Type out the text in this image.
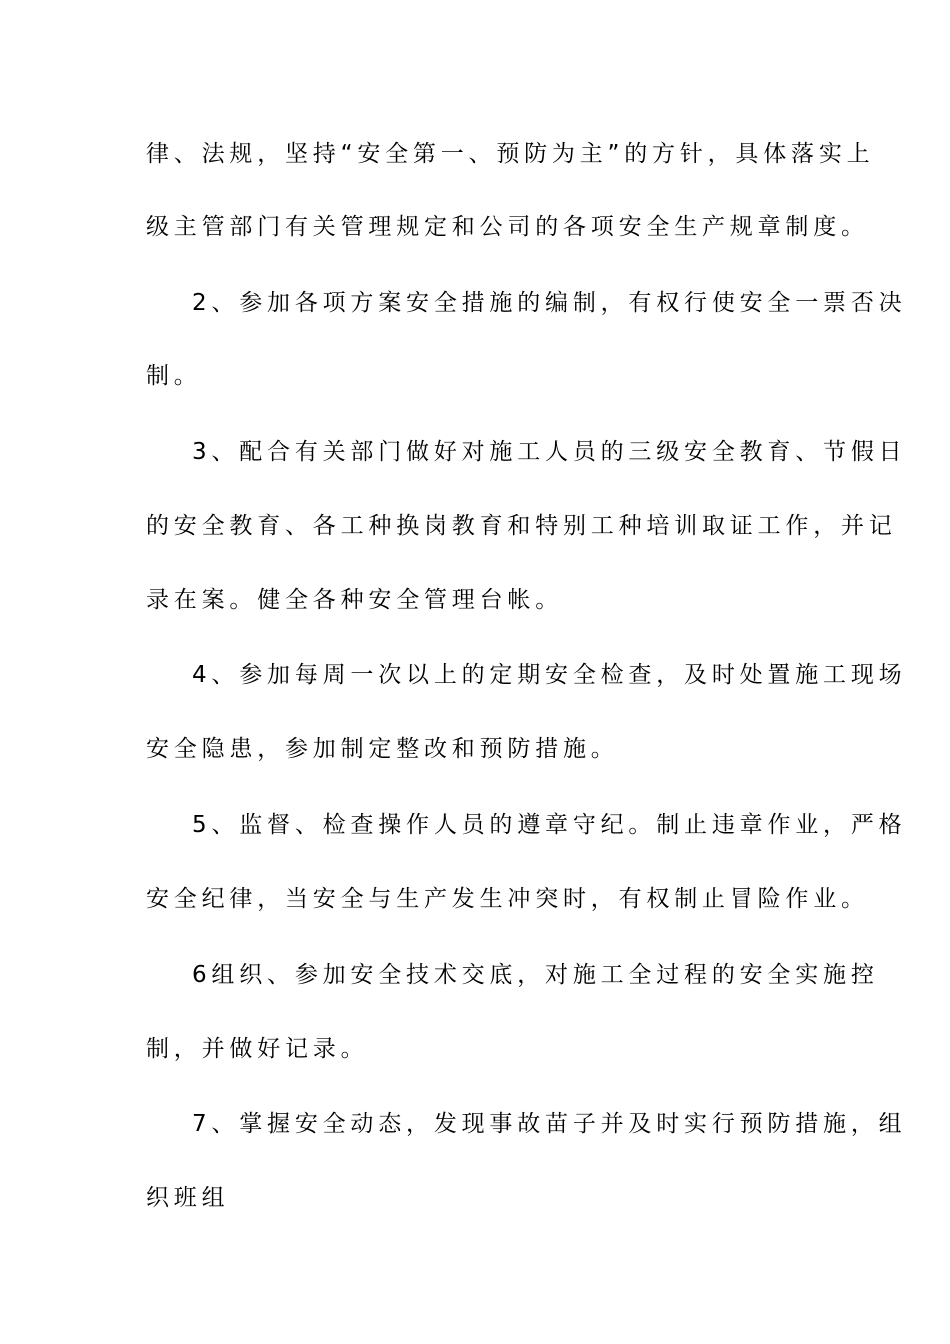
律、法规，坚持“安全第一、预防为主”的方针，具体落实上
级主管部门有关管理规定和公司的各项安全生产规章制度。
2、参加各项方案安全措施的编制，有权行使安全一票否决
制。
3、配合有关部门做好对施工人员的三级安全教育、节假日
的安全教育、各工种换岗教育和特别工种培训取证工作，并记
录在案。健全各种安全管理台帐。
4、参加每周一次以上的定期安全检查，及时处置施工现场
安全隐患，参加制定整改和预防措施。
5、监督、检查操作人员的遵章守纪。制止违章作业，严格
安全纪律，当安全与生产发生冲突时，有权制止冒险作业。
6组织、参加安全技术交底，对施工全过程的安全实施控
制，并做好记录。
7、掌握安全动态，发现事故苗子并及时实行预防措施，组
织班组
